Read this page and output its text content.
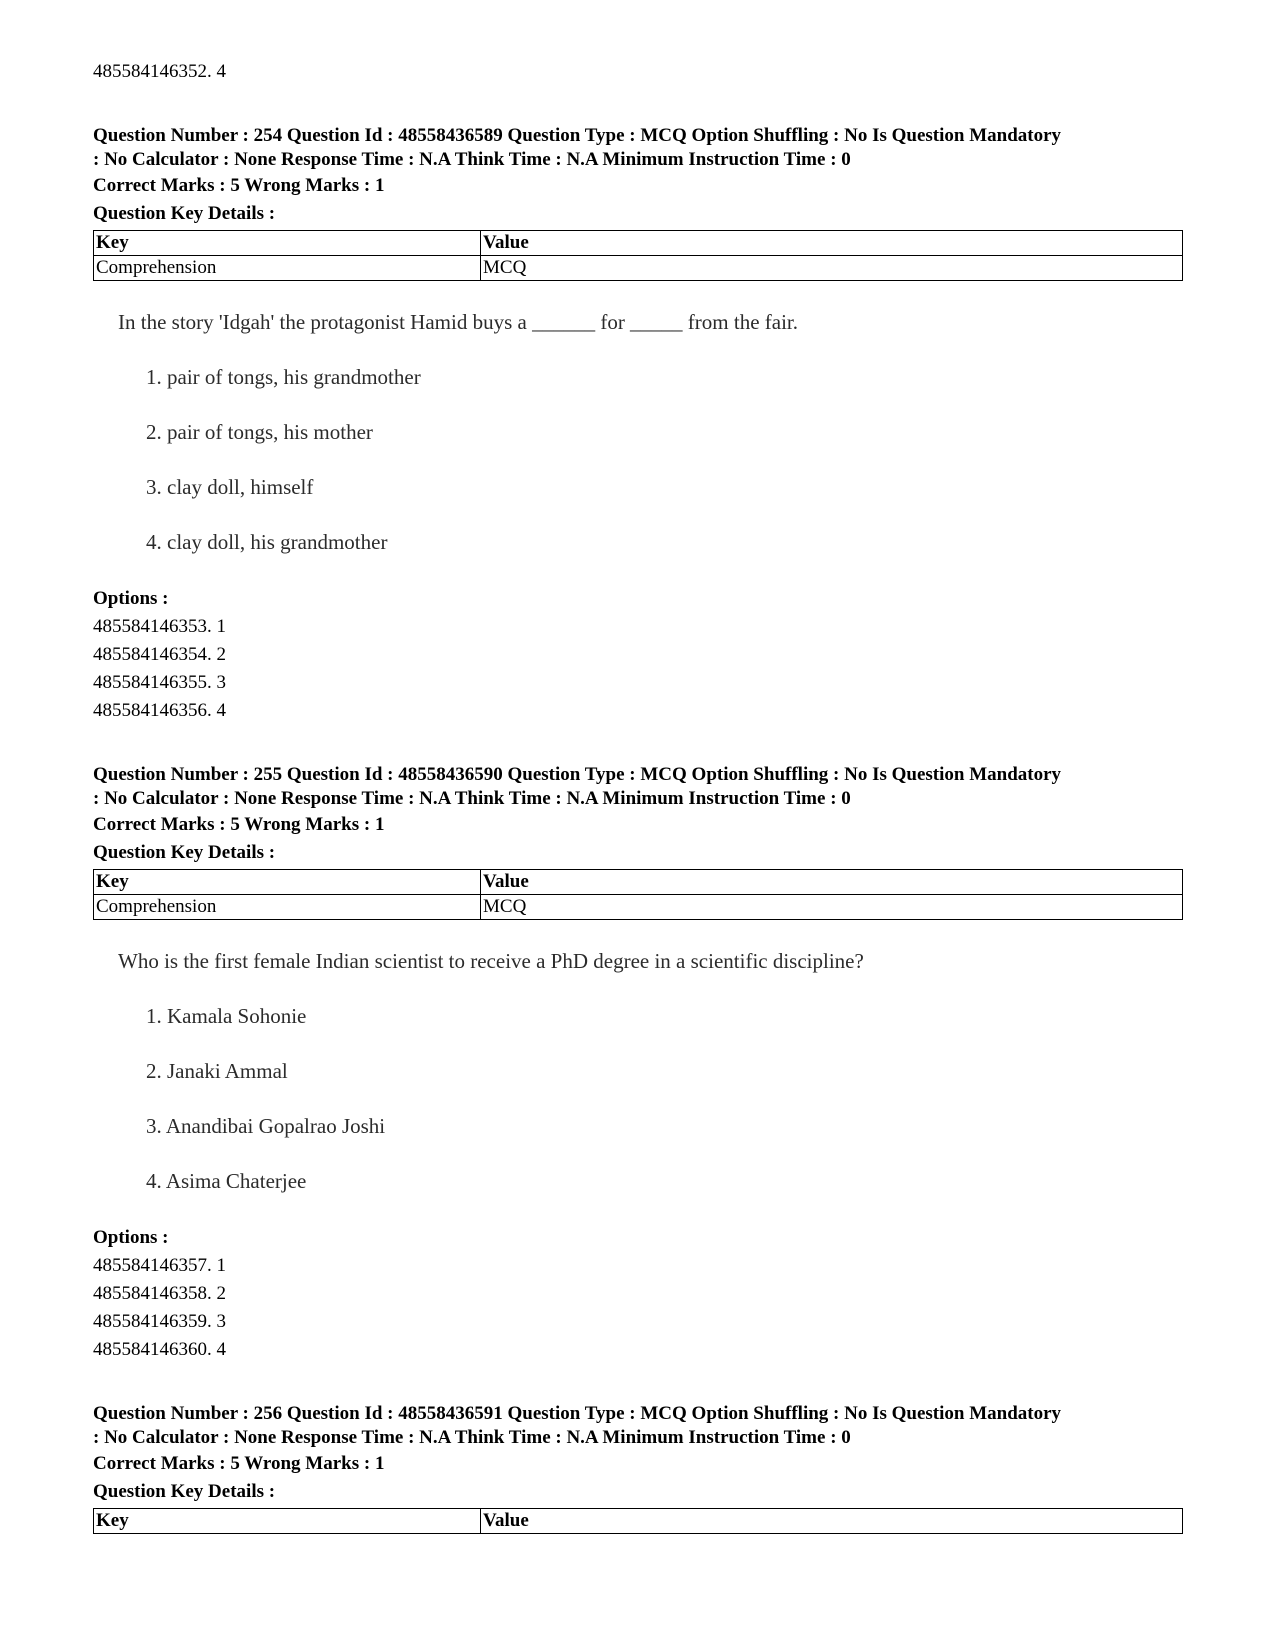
485584146352. 4
Question Number : 254 Question Id : 48558436589 Question Type : MCQ Option Shuffling : No Is Question Mandatory
: No Calculator : None Response Time : N.A Think Time : N.A Minimum Instruction Time : 0
Correct Marks : 5 Wrong Marks : 1
Question Key Details :
Key	Value
Comprehension	MCQ
In the story 'Idgah' the protagonist Hamid buys a ______ for _____ from the fair.
1. pair of tongs, his grandmother
2. pair of tongs, his mother
3. clay doll, himself
4. clay doll, his grandmother
Options :
485584146353. 1
485584146354. 2
485584146355. 3
485584146356. 4
Question Number : 255 Question Id : 48558436590 Question Type : MCQ Option Shuffling : No Is Question Mandatory
: No Calculator : None Response Time : N.A Think Time : N.A Minimum Instruction Time : 0
Correct Marks : 5 Wrong Marks : 1
Question Key Details :
Key	Value
Comprehension	MCQ
Who is the first female Indian scientist to receive a PhD degree in a scientific discipline?
1. Kamala Sohonie
2. Janaki Ammal
3. Anandibai Gopalrao Joshi
4. Asima Chaterjee
Options :
485584146357. 1
485584146358. 2
485584146359. 3
485584146360. 4
Question Number : 256 Question Id : 48558436591 Question Type : MCQ Option Shuffling : No Is Question Mandatory
: No Calculator : None Response Time : N.A Think Time : N.A Minimum Instruction Time : 0
Correct Marks : 5 Wrong Marks : 1
Question Key Details :
Key	Value
